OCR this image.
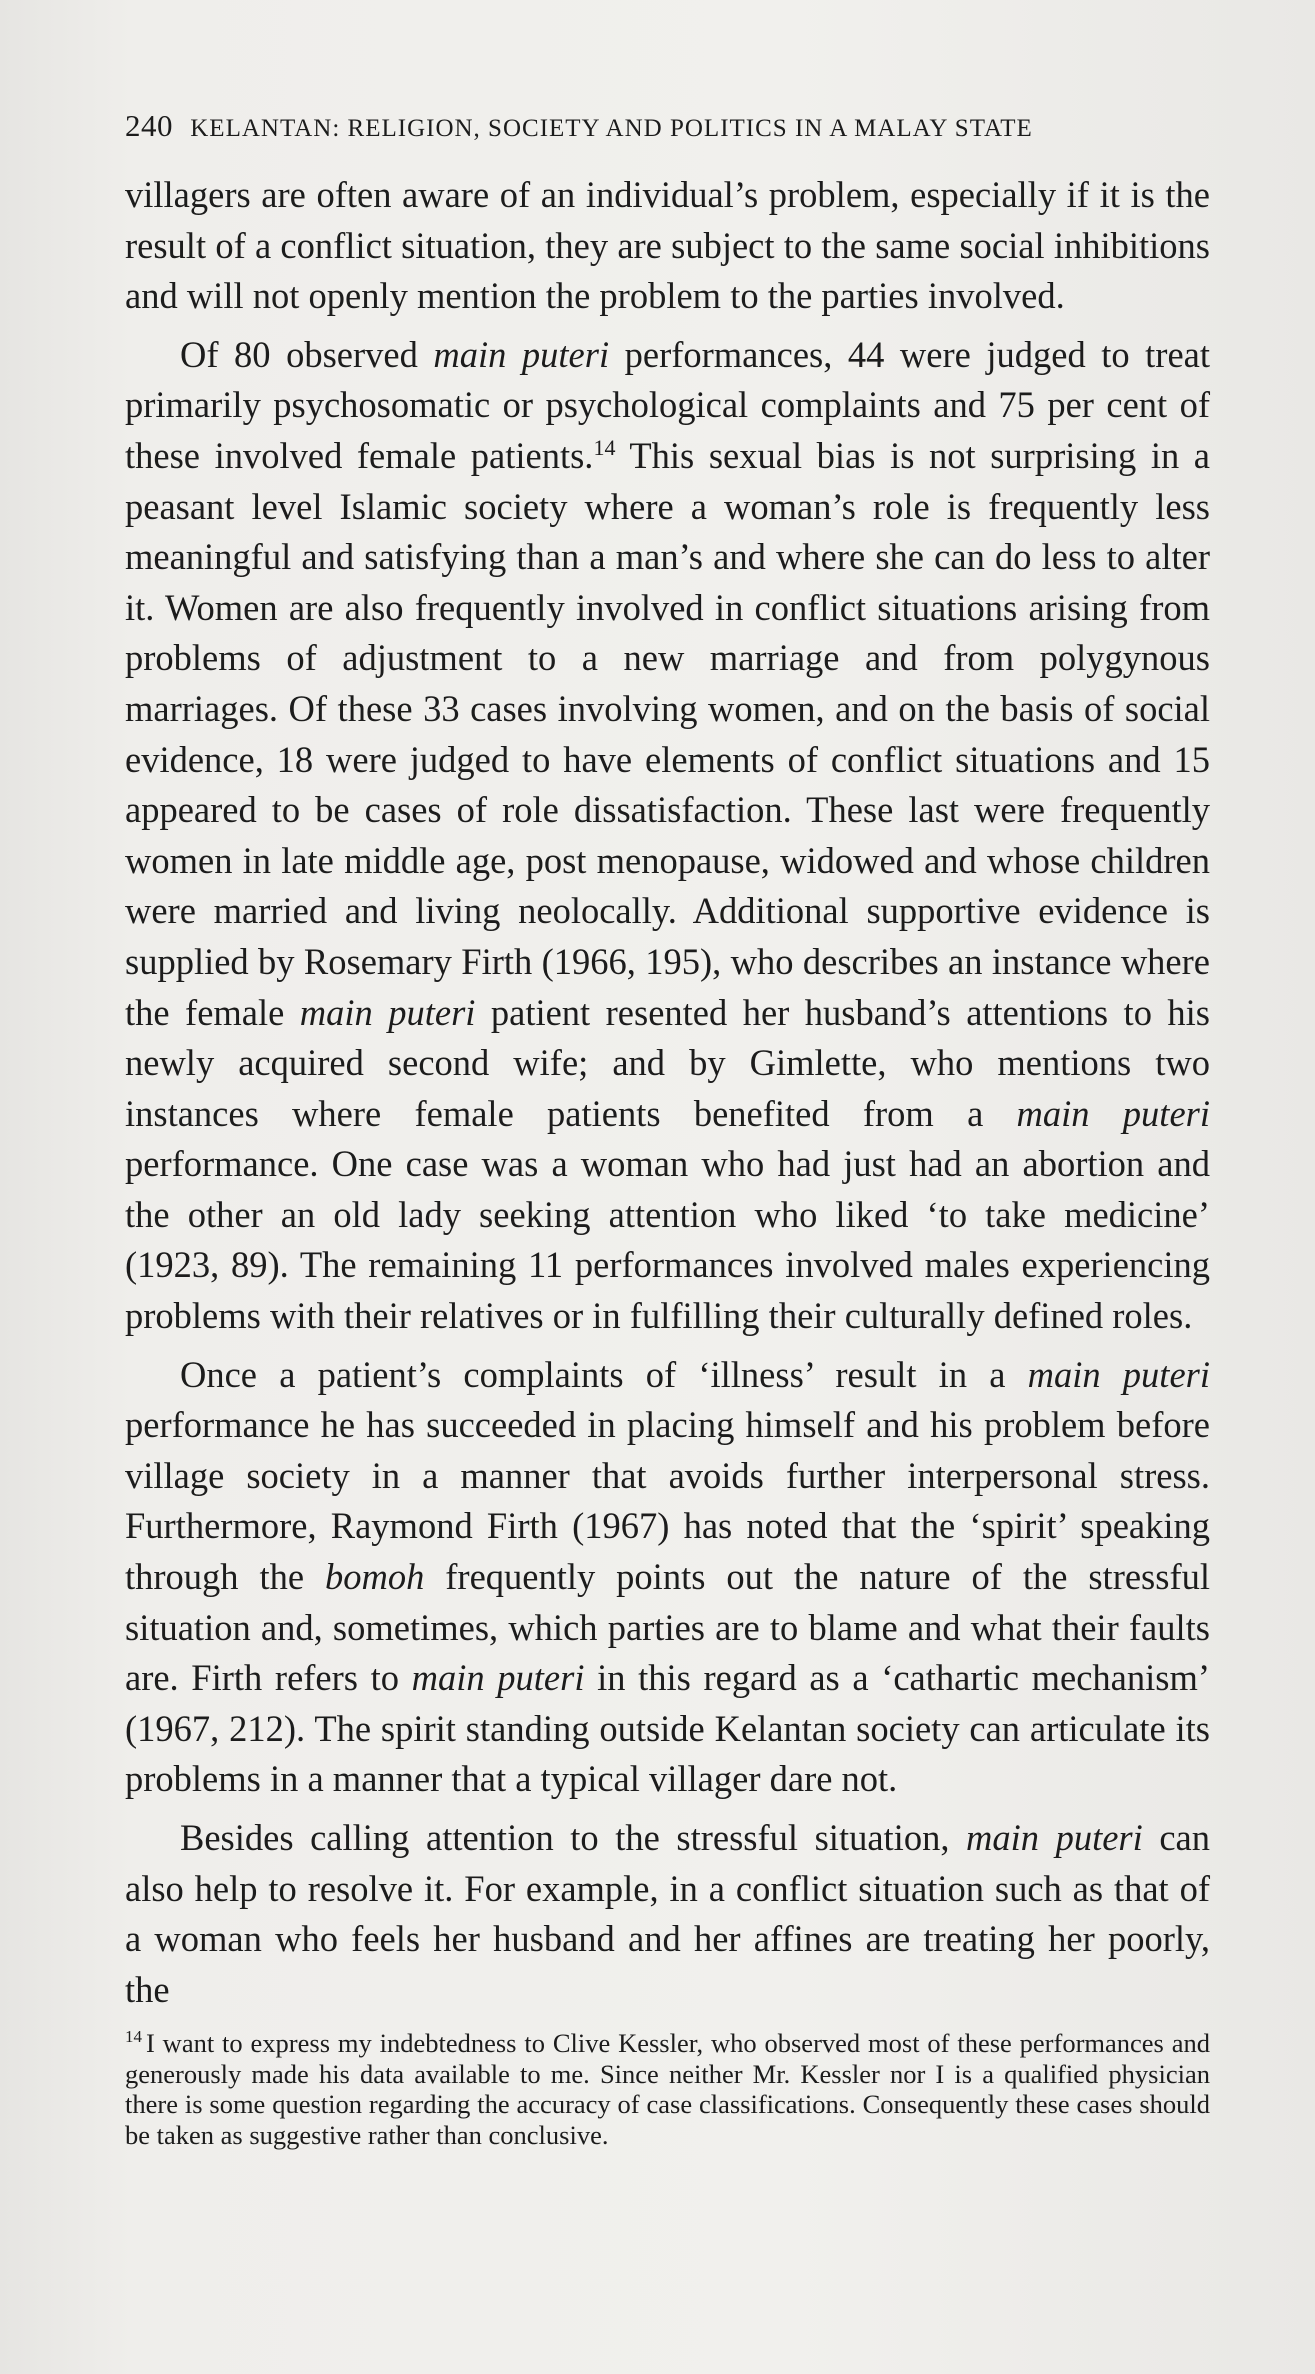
240 KELANTAN: RELIGION, SOCIETY AND POLITICS IN A MALAY STATE

villagers are often aware of an individual’s problem, especially if it is the result of a conflict situation, they are subject to the same social inhibitions and will not openly mention the problem to the parties involved.

Of 80 observed main puteri performances, 44 were judged to treat primarily psychosomatic or psychological complaints and 75 per cent of these involved female patients.$^{14}$ This sexual bias is not surprising in a peasant level Islamic society where a woman’s role is frequently less meaningful and satisfying than a man’s and where she can do less to alter it. Women are also frequently involved in conflict situations arising from problems of adjustment to a new marriage and from polygynous marriages. Of these 33 cases involving women, and on the basis of social evidence, 18 were judged to have elements of conflict situations and 15 appeared to be cases of role dissatisfaction. These last were frequently women in late middle age, post menopause, widowed and whose children were married and living neolocally. Additional supportive evidence is supplied by Rosemary Firth (1966, 195), who describes an instance where the female main puteri patient resented her husband’s attentions to his newly acquired second wife; and by Gimlette, who mentions two instances where female patients benefited from a main puteri performance. One case was a woman who had just had an abortion and the other an old lady seeking attention who liked ‘to take medicine’ (1923, 89). The remaining 11 performances involved males experiencing problems with their relatives or in fulfilling their culturally defined roles.

Once a patient’s complaints of ‘illness’ result in a main puteri performance he has succeeded in placing himself and his problem before village society in a manner that avoids further interpersonal stress. Furthermore, Raymond Firth (1967) has noted that the ‘spirit’ speaking through the bomoh frequently points out the nature of the stressful situation and, sometimes, which parties are to blame and what their faults are. Firth refers to main puteri in this regard as a ‘cathartic mechanism’ (1967, 212). The spirit standing outside Kelantan society can articulate its problems in a manner that a typical villager dare not.

Besides calling attention to the stressful situation, main puteri can also help to resolve it. For example, in a conflict situation such as that of a woman who feels her husband and her affines are treating her poorly, the

$^{14}$ I want to express my indebtedness to Clive Kessler, who observed most of these performances and generously made his data available to me. Since neither Mr. Kessler nor I is a qualified physician there is some question regarding the accuracy of case classifications. Consequently these cases should be taken as suggestive rather than conclusive.
